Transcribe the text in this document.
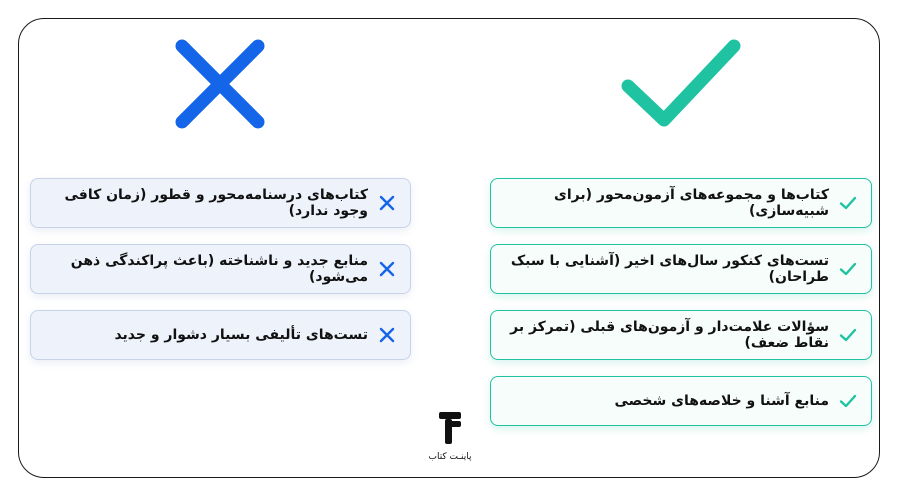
کتاب‌ها و مجموعه‌های آزمون‌محور (برای شبیه‌سازی)
تست‌های کنکور سال‌های اخیر (آشنایی با سبک طراحان)
سؤالات علامت‌دار و آزمون‌های قبلی (تمرکز بر نقاط ضعف)
منابع آشنا و خلاصه‌های شخصی
کتاب‌های درسنامه‌محور و قطور (زمان کافی وجود ندارد)
منابع جدید و ناشناخته (باعث پراکندگی ذهن می‌شود)
تست‌های تألیفی بسیار دشوار و جدید
پاینـت کتاب
